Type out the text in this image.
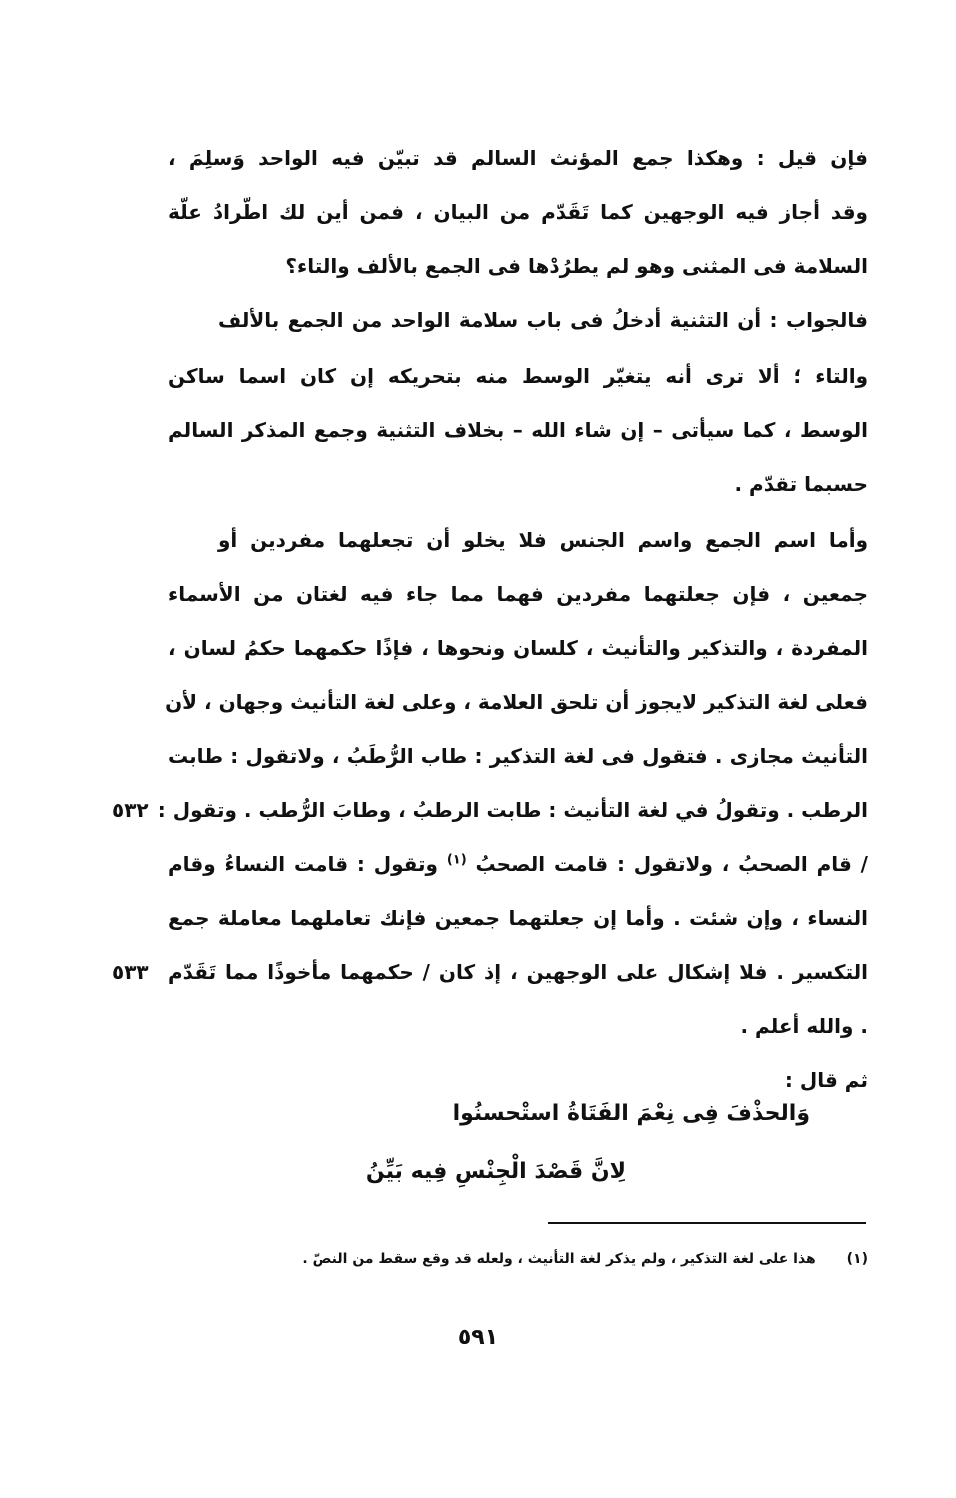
فإن قيل : وهكذا جمع المؤنث السالم قد تبيّن فيه الواحد وَسلِمَ ،
وقد أجاز فيه الوجهين كما تَقَدّم من البيان ، فمن أين لك اطّرادُ علّة
السلامة فى المثنى وهو لم يطرُدْها فى الجمع بالألف والتاء؟
فالجواب : أن التثنية أدخلُ فى باب سلامة الواحد من الجمع بالألف
والتاء ؛ ألا ترى أنه يتغيّر الوسط منه بتحريكه إن كان اسما ساكن
الوسط ، كما سيأتى – إن شاء الله – بخلاف التثنية وجمع المذكر السالم
حسبما تقدّم .
وأما اسم الجمع واسم الجنس فلا يخلو أن تجعلهما مفردين أو
جمعين ، فإن جعلتهما مفردين فهما مما جاء فيه لغتان من الأسماء
المفردة ، والتذكير والتأنيث ، كلسان ونحوها ، فإذًا حكمهما حكمُ لسان ،
فعلى لغة التذكير لايجوز أن تلحق العلامة ، وعلى لغة التأنيث وجهان ، لأن
التأنيث مجازى . فتقول فى لغة التذكير : طاب الرُّطَبُ ، ولاتقول : طابت
الرطب . وتقولُ في لغة التأنيث : طابت الرطبُ ، وطابَ الرُّطب . وتقول :
٥٣٢
/ قام الصحبُ ، ولاتقول : قامت الصحبُ $^{(١)}$ وتقول : قامت النساءُ وقام
النساء ، وإن شئت . وأما إن جعلتهما جمعين فإنك تعاملهما معاملة جمع
التكسير . فلا إشكال على الوجهين ، إذ كان / حكمهما مأخوذًا مما تَقَدّم
٥٣٣
. والله أعلم .
ثم قال :
وَالحذْفَ فِى نِعْمَ الفَتَاةُ استْحسنُوا
لِانَّ قَصْدَ الْجِنْسِ فِيه بَيِّنُ
(١) هذا على لغة التذكير ، ولم يذكر لغة التأنيث ، ولعله قد وقع سقط من النصّ .
٥٩١
